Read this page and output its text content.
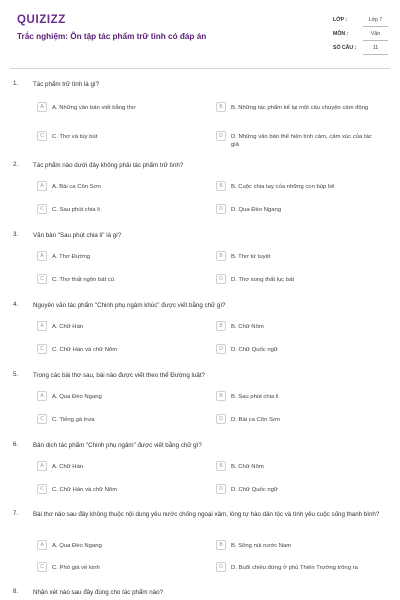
QUIZIZZ
Trắc nghiệm: Ôn tập tác phẩm trữ tình có đáp án
LỚP :	Lớp 7
MÔN :	Văn
SỐ CÂU :	11
1. Tác phẩm trữ tình là gì?
A	A. Những văn bản viết bằng thơ	B	B. Những tác phẩm kể lại một câu chuyện cảm động
C	C. Thơ và tùy bút	D	D. Những văn bản thể hiện tình cảm, cảm xúc của tác giả
2. Tác phẩm nào dưới đây không phải tác phẩm trữ tình?
A	A. Bài ca Côn Sơn	B	B. Cuộc chia tay của những con búp bê
C	C. Sau phút chia li	D	D. Qua Đèo Ngang
3. Văn bản "Sau phút chia li" là gì?
A	A. Thơ Đường	B	B. Thơ tứ tuyệt
C	C. Thơ thất ngôn bát cú	D	D. Thơ song thất lục bát
4. Nguyên văn tác phẩm "Chinh phụ ngâm khúc" được viết bằng chữ gì?
A	A. Chữ Hán	B	B. Chữ Nôm
C	C. Chữ Hán và chữ Nôm	D	D. Chữ Quốc ngữ
5. Trong các bài thơ sau, bài nào được viết theo thể Đường luật?
A	A. Qua Đèo Ngang	B	B. Sau phút chia li
C	C. Tiếng gà trưa	D	D. Bài ca Côn Sơn
6. Bản dịch tác phẩm "Chinh phụ ngâm" được viết bằng chữ gì?
A	A. Chữ Hán	B	B. Chữ Nôm
C	C. Chữ Hán và chữ Nôm	D	D. Chữ Quốc ngữ
7. Bài thơ nào sau đây không thuộc nội dung yêu nước chống ngoại xâm, lòng tự hào dân tộc và tình yêu cuộc sống thanh bình?
A	A. Qua Đèo Ngang	B	B. Sông núi nước Nam
C	C. Phò giá về kinh	D	D. Buổi chiều đứng ở phủ Thiên Trường trông ra
8. Nhận xét nào sau đây đúng cho tác phẩm nào?
